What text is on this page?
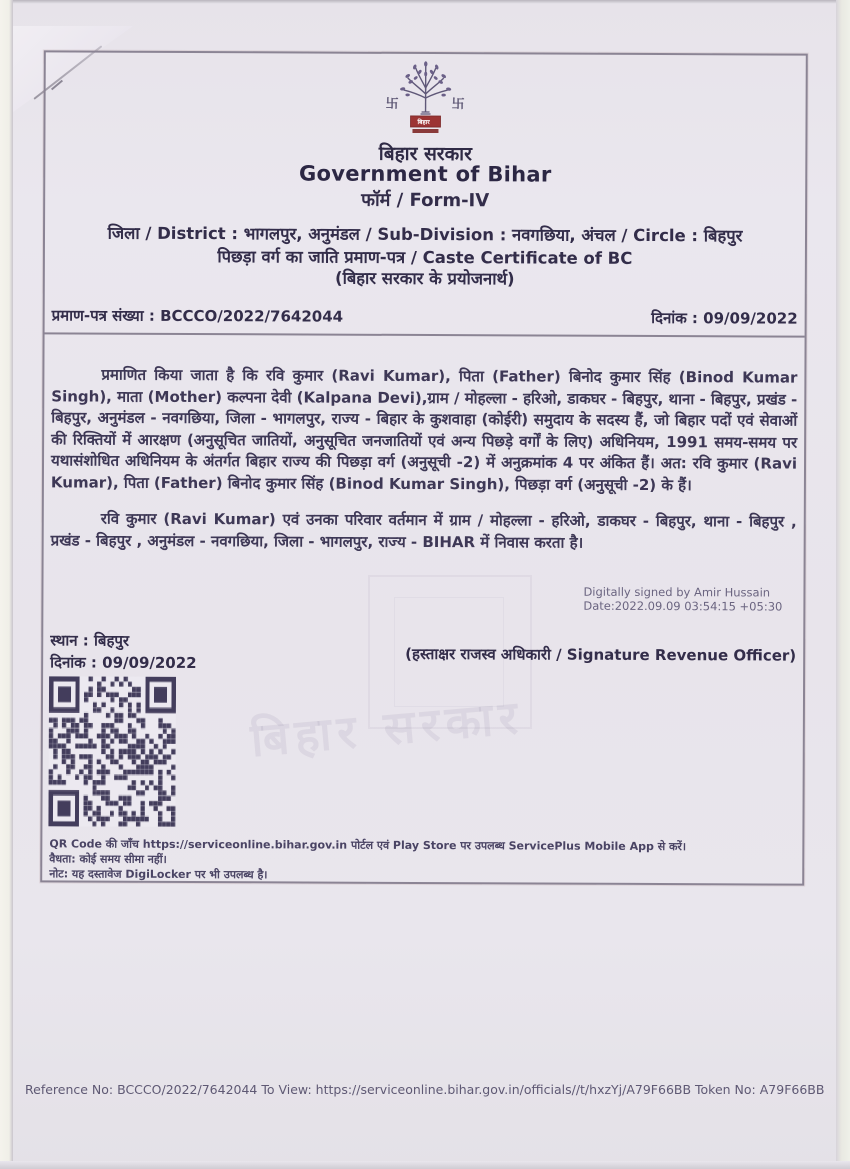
बिहार सरकार
卐	卐
बिहार
बिहार सरकार
Government of Bihar
फॉर्म / Form-IV
जिला / District : भागलपुर, अनुमंडल / Sub-Division : नवगछिया, अंचल / Circle : बिहपुर
पिछड़ा वर्ग का जाति प्रमाण-पत्र / Caste Certificate of BC
(बिहार सरकार के प्रयोजनार्थ)
प्रमाण-पत्र संख्या : BCCCO/2022/7642044	दिनांक : 09/09/2022
प्रमाणित किया जाता है कि रवि कुमार (Ravi Kumar), पिता (Father) बिनोद कुमार सिंह (Binod Kumar Singh), माता (Mother) कल्पना देवी (Kalpana Devi),ग्राम / मोहल्ला - हरिओ, डाकघर - बिहपुर, थाना - बिहपुर, प्रखंड - बिहपुर, अनुमंडल - नवगछिया, जिला - भागलपुर, राज्य - बिहार के कुशवाहा (कोईरी) समुदाय के सदस्य हैं, जो बिहार पदों एवं सेवाओं की रिक्तियों में आरक्षण (अनुसूचित जातियों, अनुसूचित जनजातियों एवं अन्य पिछड़े वर्गों के लिए) अधिनियम, 1991 समय-समय पर यथासंशोधित अधिनियम के अंतर्गत बिहार राज्य की पिछड़ा वर्ग (अनुसूची -2) में अनुक्रमांक 4 पर अंकित हैं। अत: रवि कुमार (Ravi Kumar), पिता (Father) बिनोद कुमार सिंह (Binod Kumar Singh), पिछड़ा वर्ग (अनुसूची -2) के हैं।
रवि कुमार (Ravi Kumar) एवं उनका परिवार वर्तमान में ग्राम / मोहल्ला - हरिओ, डाकघर - बिहपुर, थाना - बिहपुर , प्रखंड - बिहपुर , अनुमंडल - नवगछिया, जिला - भागलपुर, राज्य - BIHAR में निवास करता है।
Digitally signed by Amir Hussain
Date:2022.09.09 03:54:15 +05:30
स्थान : बिहपुर
दिनांक : 09/09/2022	(हस्ताक्षर राजस्व अधिकारी / Signature Revenue Officer)
QR Code की जाँच https://serviceonline.bihar.gov.in पोर्टल एवं Play Store पर उपलब्ध ServicePlus Mobile App से करें।
वैधता: कोई समय सीमा नहीं।
नोट: यह दस्तावेज DigiLocker पर भी उपलब्ध है।
Reference No: BCCCO/2022/7642044 To View: https://serviceonline.bihar.gov.in/officials//t/hxzYj/A79F66BB Token No: A79F66BB
